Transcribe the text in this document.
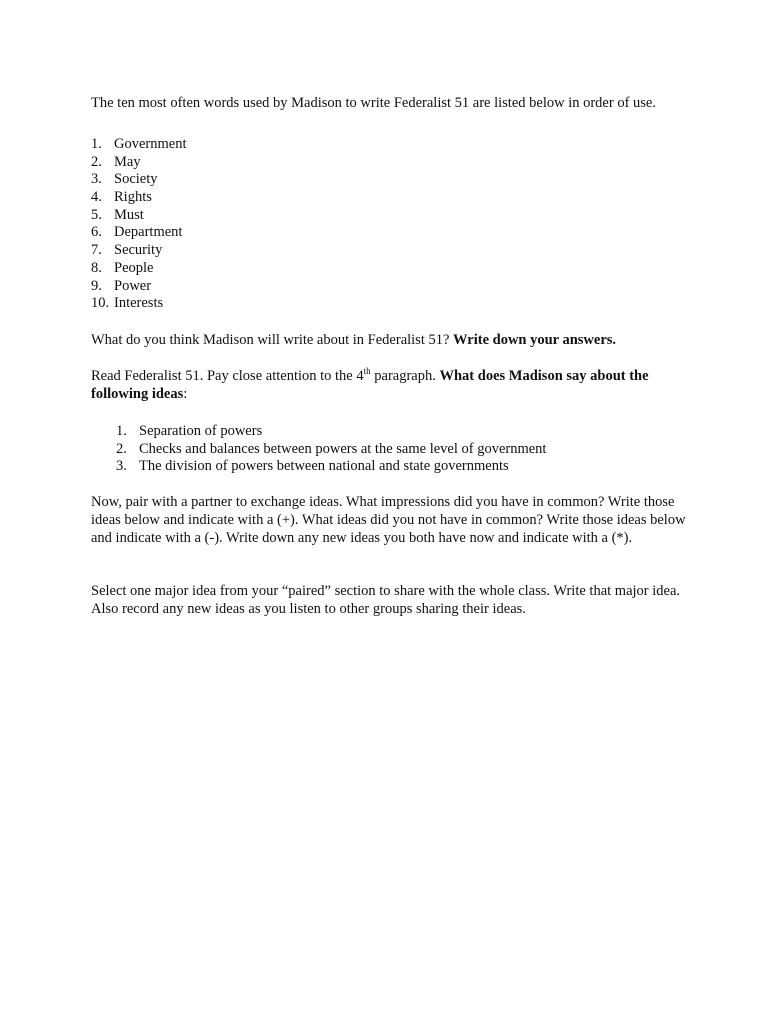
The ten most often words used by Madison to write Federalist 51 are listed below in order of use.

1. Government
2. May
3. Society
4. Rights
5. Must
6. Department
7. Security
8. People
9. Power
10. Interests

What do you think Madison will write about in Federalist 51? Write down your answers.

Read Federalist 51. Pay close attention to the 4th paragraph. What does Madison say about the following ideas:

1. Separation of powers
2. Checks and balances between powers at the same level of government
3. The division of powers between national and state governments

Now, pair with a partner to exchange ideas. What impressions did you have in common? Write those ideas below and indicate with a (+). What ideas did you not have in common? Write those ideas below and indicate with a (-). Write down any new ideas you both have now and indicate with a (*).

Select one major idea from your “paired” section to share with the whole class. Write that major idea. Also record any new ideas as you listen to other groups sharing their ideas.
